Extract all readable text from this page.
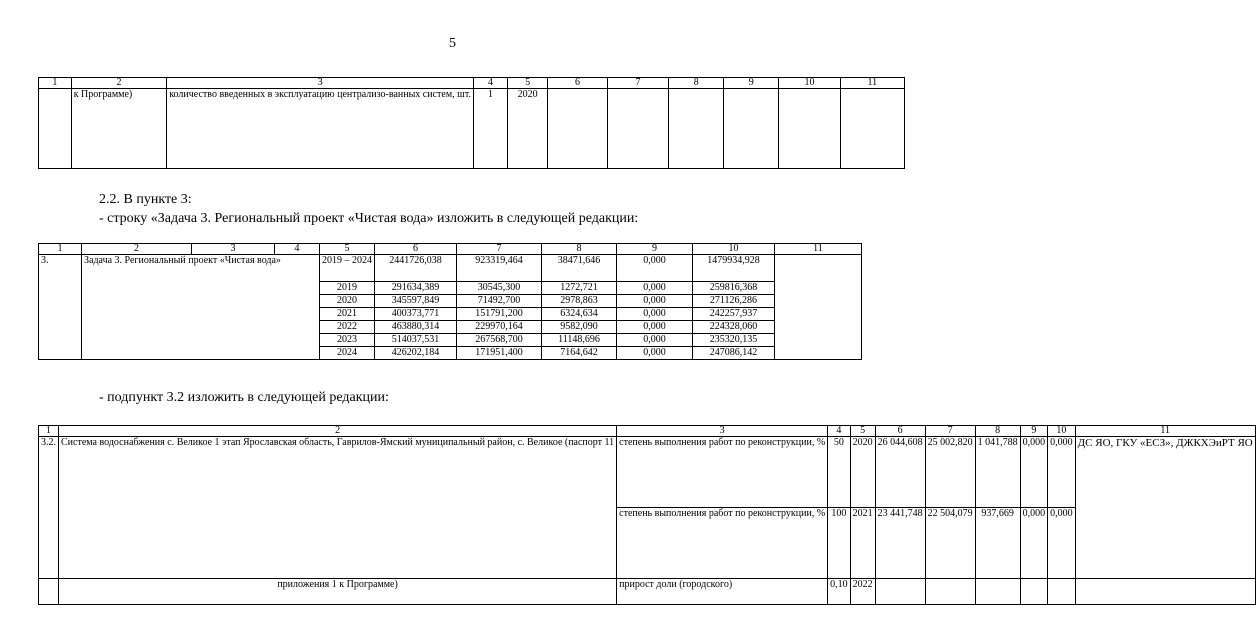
5
1	2	3	4	5	6	7	8	9	10	11
	к Программе)	количество введенных в эксплуатацию централизо-ванных систем, шт.	1	2020						
2.2. В пункте 3:
- строку «Задача 3. Региональный проект «Чистая вода» изложить в следующей редакции:
1	2	3	4	5	6	7	8	9	10	11
3.	Задача 3. Региональный проект «Чистая вода»			2019 – 2024	2441726,038	923319,464	38471,646	0,000	1479934,928	
				2019	291634,389	30545,300	1272,721	0,000	259816,368	
				2020	345597,849	71492,700	2978,863	0,000	271126,286	
				2021	400373,771	151791,200	6324,634	0,000	242257,937	
				2022	463880,314	229970,164	9582,090	0,000	224328,060	
				2023	514037,531	267568,700	11148,696	0,000	235320,135	
				2024	426202,184	171951,400	7164,642	0,000	247086,142	
- подпункт 3.2 изложить в следующей редакции:
1	2	3	4	5	6	7	8	9	10	11
3.2.	Система водоснабжения с. Великое 1 этап Ярославская область, Гаврилов-Ямский муниципальный район, с. Великое (паспорт 11	степень выполнения работ по реконструкции, %	50	2020	26 044,608	25 002,820	1 041,788	0,000	0,000	ДС ЯО, ГКУ «ЕСЗ», ДЖКХЭиРТ ЯО
		степень выполнения работ по реконструкции, %	100	2021	23 441,748	22 504,079	937,669	0,000	0,000	
	приложения 1 к Программе)	прирост доли (городского)	0,10	2022						
